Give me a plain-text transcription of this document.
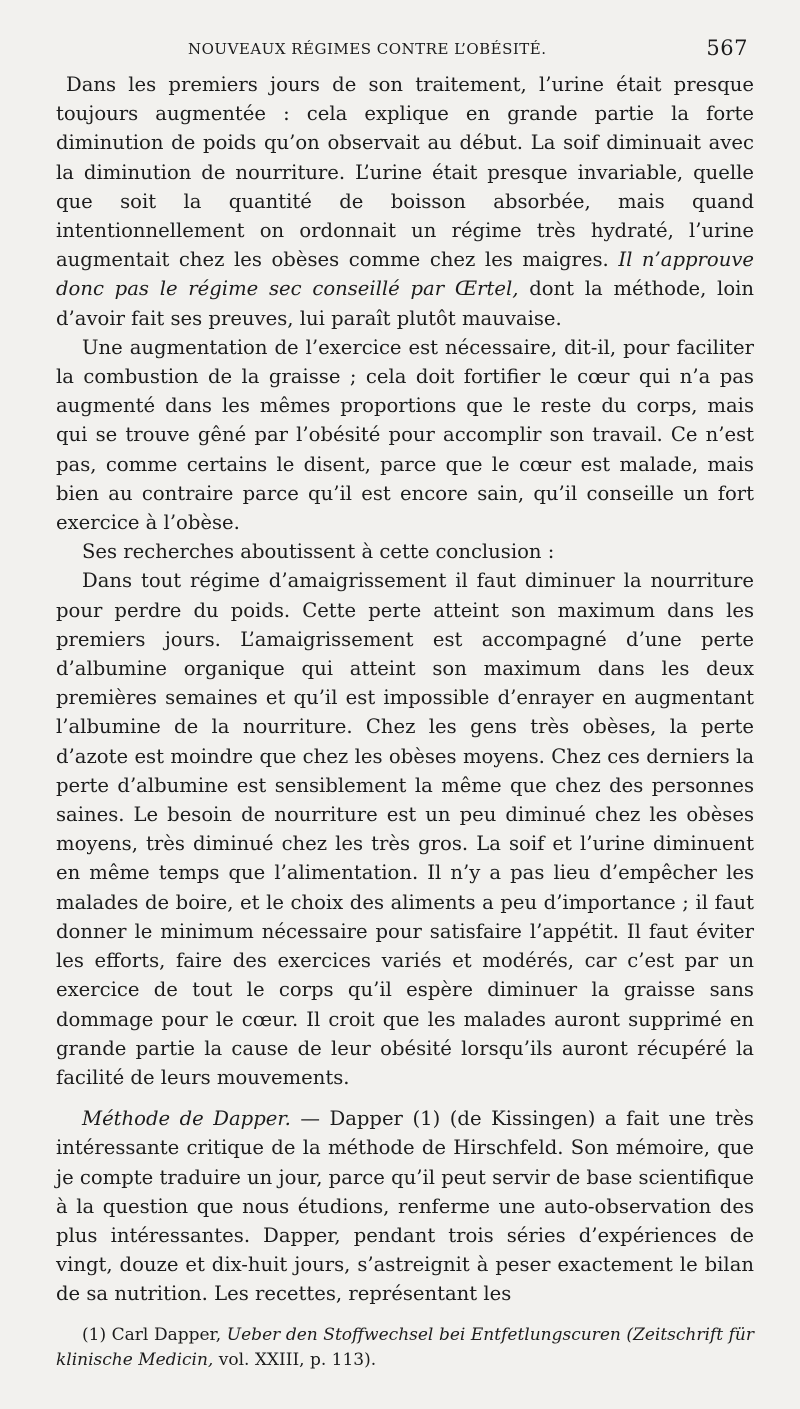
NOUVEAUX RÉGIMES CONTRE L’OBÉSITÉ.	567

Dans les premiers jours de son traitement, l’urine était presque toujours augmentée : cela explique en grande partie la forte diminution de poids qu’on observait au début. La soif diminuait avec la diminution de nourriture. L’urine était presque invariable, quelle que soit la quantité de boisson absorbée, mais quand intentionnellement on ordonnait un régime très hydraté, l’urine augmentait chez les obèses comme chez les maigres. Il n’approuve donc pas le régime sec conseillé par Œrtel, dont la méthode, loin d’avoir fait ses preuves, lui paraît plutôt mauvaise.

Une augmentation de l’exercice est nécessaire, dit-il, pour faciliter la combustion de la graisse ; cela doit fortifier le cœur qui n’a pas augmenté dans les mêmes proportions que le reste du corps, mais qui se trouve gêné par l’obésité pour accomplir son travail. Ce n’est pas, comme certains le disent, parce que le cœur est malade, mais bien au contraire parce qu’il est encore sain, qu’il conseille un fort exercice à l’obèse.

Ses recherches aboutissent à cette conclusion :

Dans tout régime d’amaigrissement il faut diminuer la nourriture pour perdre du poids. Cette perte atteint son maximum dans les premiers jours. L’amaigrissement est accompagné d’une perte d’albumine organique qui atteint son maximum dans les deux premières semaines et qu’il est impossible d’enrayer en augmentant l’albumine de la nourriture. Chez les gens très obèses, la perte d’azote est moindre que chez les obèses moyens. Chez ces derniers la perte d’albumine est sensiblement la même que chez des personnes saines. Le besoin de nourriture est un peu diminué chez les obèses moyens, très diminué chez les très gros. La soif et l’urine diminuent en même temps que l’alimentation. Il n’y a pas lieu d’empêcher les malades de boire, et le choix des aliments a peu d’importance ; il faut donner le minimum nécessaire pour satisfaire l’appétit. Il faut éviter les efforts, faire des exercices variés et modérés, car c’est par un exercice de tout le corps qu’il espère diminuer la graisse sans dommage pour le cœur. Il croit que les malades auront supprimé en grande partie la cause de leur obésité lorsqu’ils auront récupéré la facilité de leurs mouvements.

Méthode de Dapper. — Dapper (1) (de Kissingen) a fait une très intéressante critique de la méthode de Hirschfeld. Son mémoire, que je compte traduire un jour, parce qu’il peut servir de base scientifique à la question que nous étudions, renferme une auto-observation des plus intéressantes. Dapper, pendant trois séries d’expériences de vingt, douze et dix-huit jours, s’astreignit à peser exactement le bilan de sa nutrition. Les recettes, représentant les

(1) Carl Dapper, Ueber den Stoffwechsel bei Entfetlungscuren (Zeitschrift für klinische Medicin, vol. XXIII, p. 113).
